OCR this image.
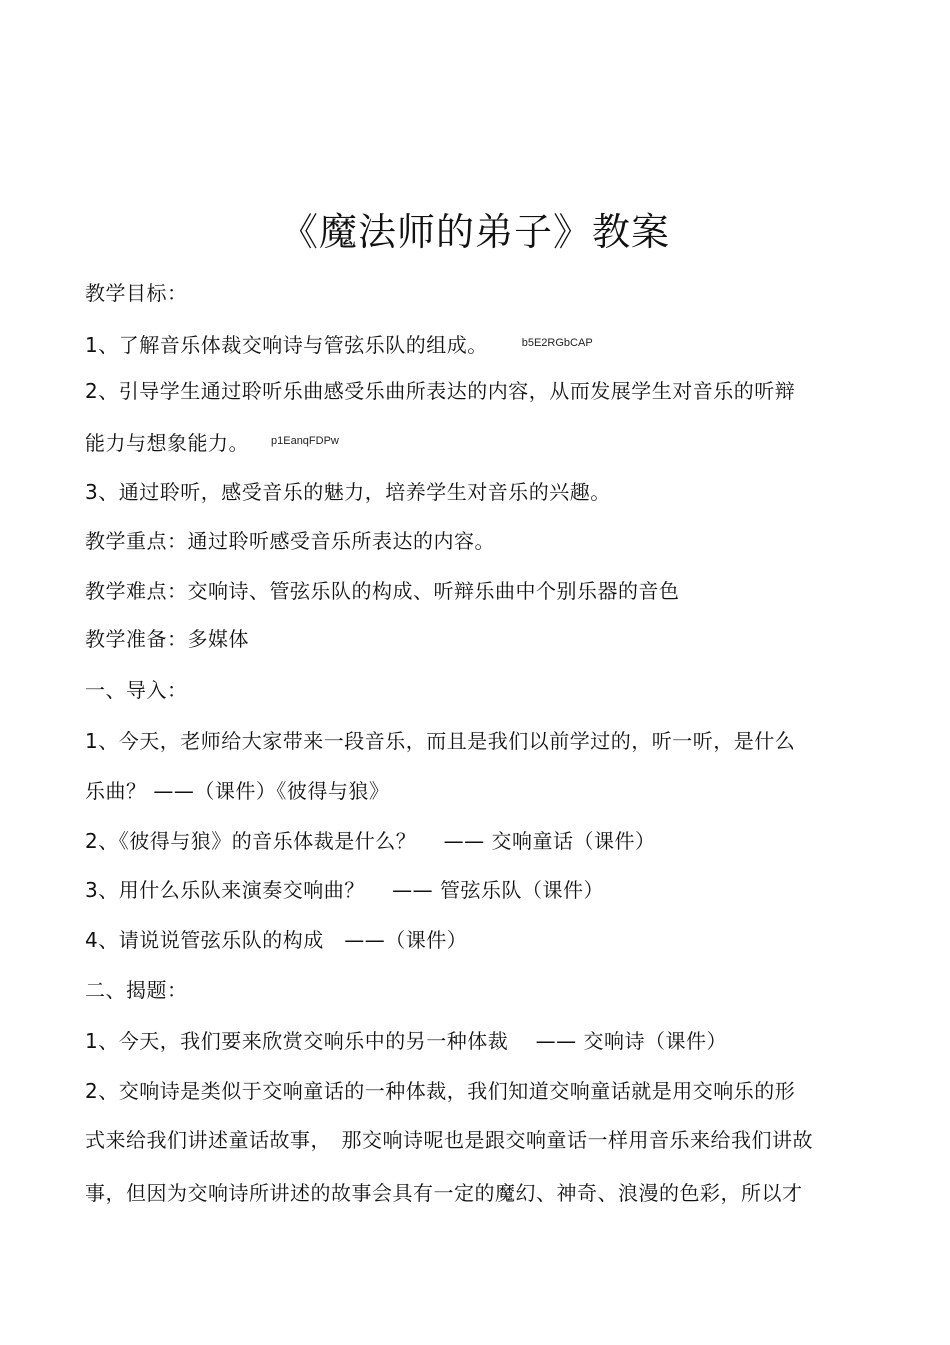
《魔法师的弟子》教案
教学目标：
1、了解音乐体裁交响诗与管弦乐队的组成。	$^{b5E2RGbCAP}$
2、引导学生通过聆听乐曲感受乐曲所表达的内容，从而发展学生对音乐的听辩
能力与想象能力。 $^{p1EanqFDPw}$
3、通过聆听，感受音乐的魅力，培养学生对音乐的兴趣。
教学重点：通过聆听感受音乐所表达的内容。
教学难点：交响诗、管弦乐队的构成、听辩乐曲中个别乐器的音色
教学准备：多媒体
一、导入：
1、今天，老师给大家带来一段音乐，而且是我们以前学过的，听一听，是什么
乐曲？ ——（课件）《彼得与狼》
2、《彼得与狼》的音乐体裁是什么？　 —— 交响童话（课件）
3、用什么乐队来演奏交响曲？　 —— 管弦乐队（课件）
4、请说说管弦乐队的构成　——（课件）
二、揭题：
1、今天，我们要来欣赏交响乐中的另一种体裁　 —— 交响诗（课件）
2、交响诗是类似于交响童话的一种体裁，我们知道交响童话就是用交响乐的形
式来给我们讲述童话故事，　那交响诗呢也是跟交响童话一样用音乐来给我们讲故
事，但因为交响诗所讲述的故事会具有一定的魔幻、神奇、浪漫的色彩，所以才
